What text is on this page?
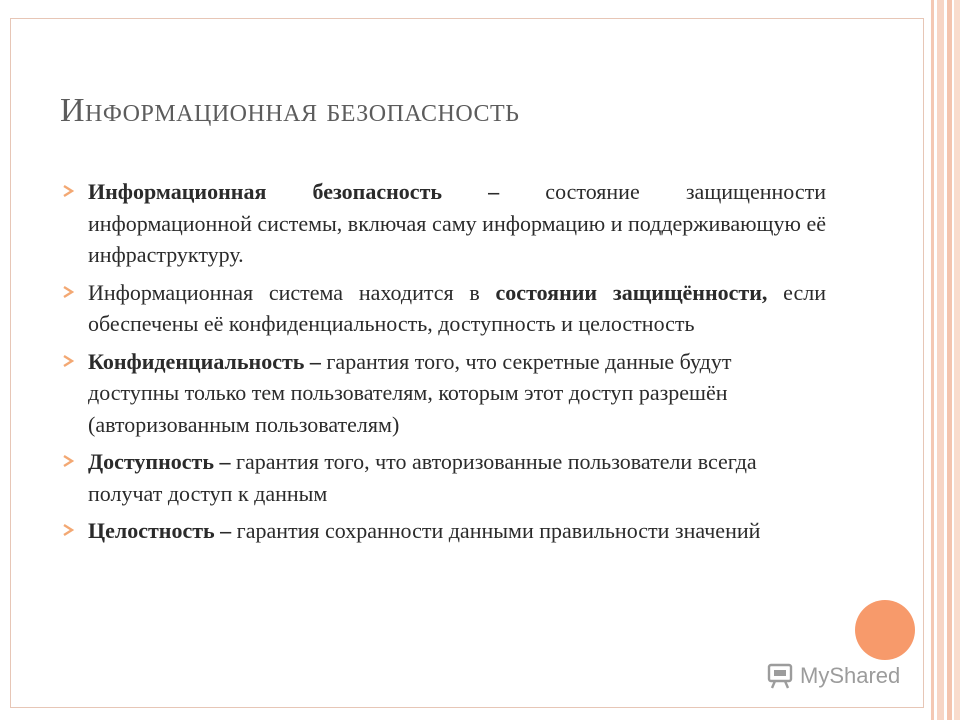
Информационная безопасность
Информационная безопасность – состояние защищенности информационной системы, включая саму информацию и поддерживающую её инфраструктуру.
Информационная система находится в состоянии защищённости, если обеспечены её конфиденциальность, доступность и целостность
Конфиденциальность – гарантия того, что секретные данные будут доступны только тем пользователям, которым этот доступ разрешён (авторизованным пользователям)
Доступность – гарантия того, что авторизованные пользователи всегда получат доступ к данным
Целостность – гарантия сохранности данными правильности значений
MyShared
